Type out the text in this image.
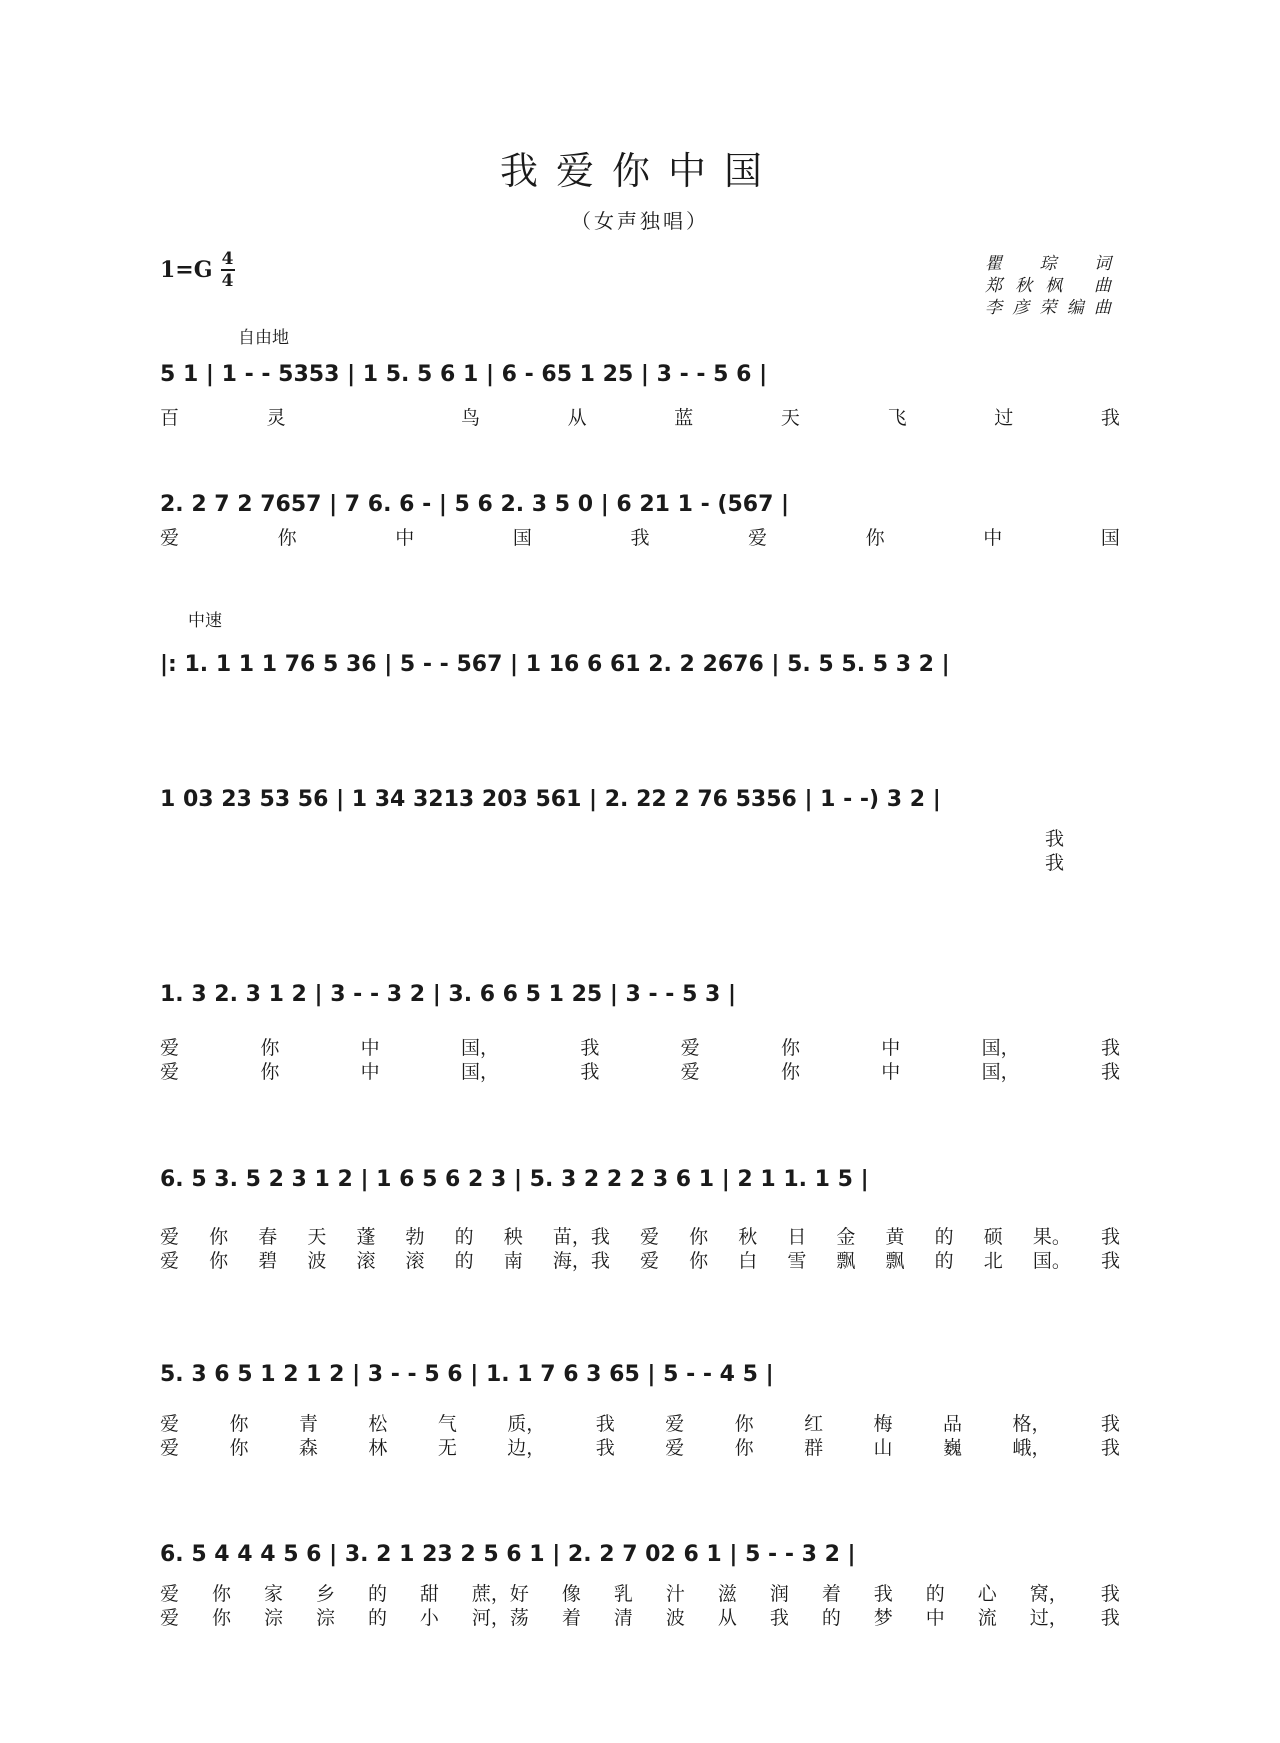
我爱你中国
（女声独唱）
1=G 4
4
瞿 琮 词
郑秋枫 曲
李彦荣编曲
自由地
中速

5 1 | 1 - - 5353 | 1 5. 5 6 1 | 6 - 65 1 25 | 3 - - 5 6 |

百	灵	鸟	从	蓝	天	飞	过	我

2. 2 7 2 7657 | 7 6. 6 - | 5 6 2. 3 5 0 | 6 21 1 - (567 |

爱	你	中	国	我	爱	你	中	国

|: 1. 1 1 1 76 5 36 | 5 - - 567 | 1 16 6 61 2. 2 2676 | 5. 5 5. 5 3 2 |

1 03 23 53 56 | 1 34 3213 203 561 | 2. 22 2 76 5356 | 1 - -) 3 2 |

我
我

1. 3 2. 3 1 2 | 3 - - 3 2 | 3. 6 6 5 1 25 | 3 - - 5 3 |

爱	你	中	国，	我	爱	你	中	国，	我
爱	你	中	国，	我	爱	你	中	国，	我

6. 5 3. 5 2 3 1 2 | 1 6 5 6 2 3 | 5. 3 2 2 2 3 6 1 | 2 1 1. 1 5 |

爱 你 春 天 蓬 勃 的 秧 苗，我 爱 你 秋 日 金 黄 的 硕 果。 我
爱 你 碧 波 滚 滚 的 南 海，我 爱 你 白 雪 飘 飘 的 北 国。 我

5. 3 6 5 1 2 1 2 | 3 - - 5 6 | 1. 1 7 6 3 65 | 5 - - 4 5 |

爱	你	青	松	气	质，	我	爱	你	红	梅	品	格，	我
爱	你	森	林	无	边，	我	爱	你	群	山	巍	峨，	我

6. 5 4 4 4 5 6 | 3. 2 1 23 2 5 6 1 | 2. 2 7 02 6 1 | 5 - - 3 2 |

爱 你 家 乡 的 甜 蔗，好 像 乳 汁 滋 润 着 我 的 心 窝， 我
爱 你 淙 淙 的 小 河，荡 着 清 波 从 我 的 梦 中 流 过， 我
